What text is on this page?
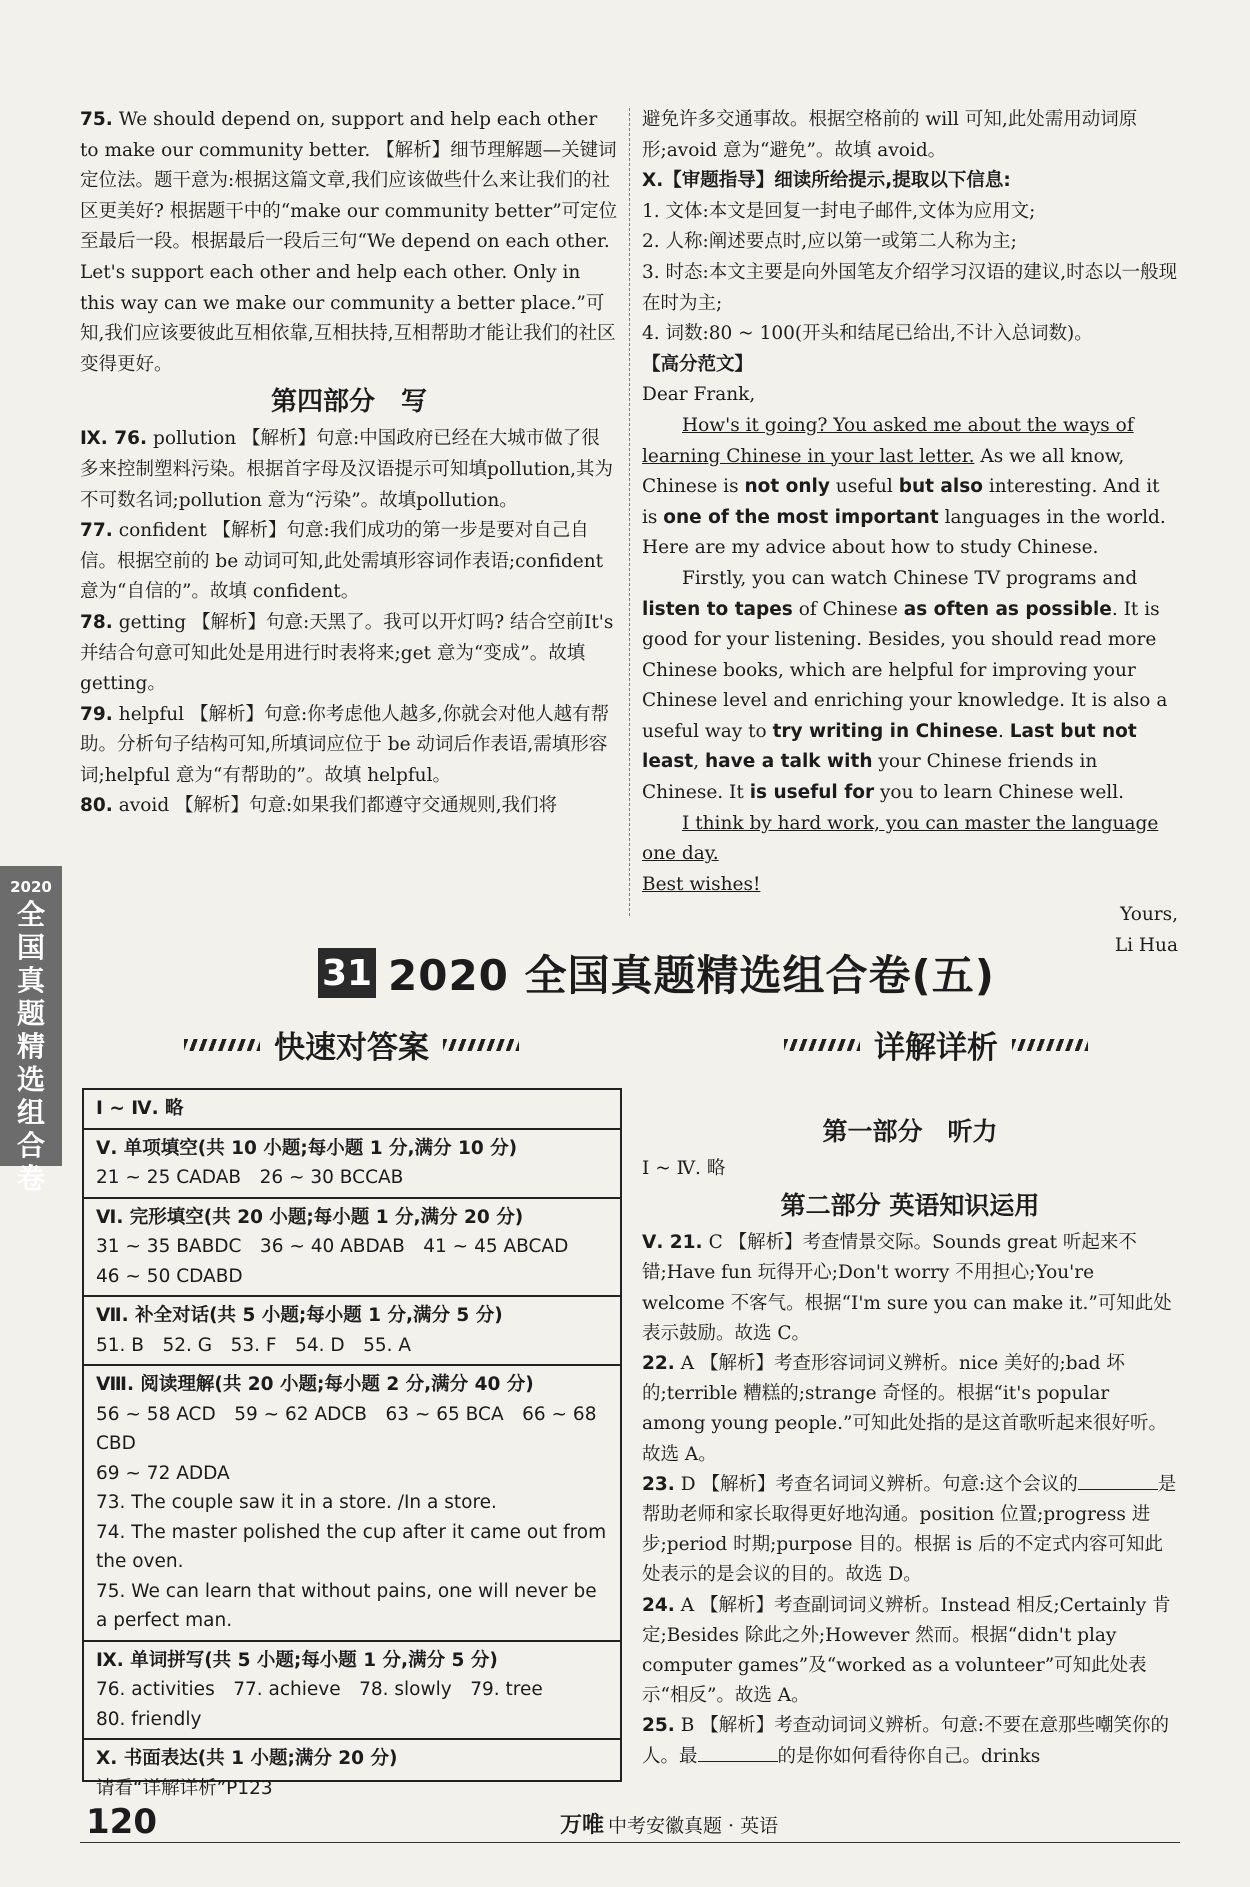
75. We should depend on, support and help each other to make our community better. 【解析】细节理解题—关键词定位法。题干意为:根据这篇文章,我们应该做些什么来让我们的社区更美好? 根据题干中的“make our community better”可定位至最后一段。根据最后一段后三句“We depend on each other. Let's support each other and help each other. Only in this way can we make our community a better place.”可知,我们应该要彼此互相依靠,互相扶持,互相帮助才能让我们的社区变得更好。

第四部分　写

Ⅸ. 76. pollution 【解析】句意:中国政府已经在大城市做了很多来控制塑料污染。根据首字母及汉语提示可知填pollution,其为不可数名词;pollution 意为“污染”。故填pollution。

77. confident 【解析】句意:我们成功的第一步是要对自己自信。根据空前的 be 动词可知,此处需填形容词作表语;confident 意为“自信的”。故填 confident。

78. getting 【解析】句意:天黑了。我可以开灯吗? 结合空前It's并结合句意可知此处是用进行时表将来;get 意为“变成”。故填 getting。

79. helpful 【解析】句意:你考虑他人越多,你就会对他人越有帮助。分析句子结构可知,所填词应位于 be 动词后作表语,需填形容词;helpful 意为“有帮助的”。故填 helpful。

80. avoid 【解析】句意:如果我们都遵守交通规则,我们将

避免许多交通事故。根据空格前的 will 可知,此处需用动词原形;avoid 意为“避免”。故填 avoid。

X.【审题指导】细读所给提示,提取以下信息:

1. 文体:本文是回复一封电子邮件,文体为应用文;

2. 人称:阐述要点时,应以第一或第二人称为主;

3. 时态:本文主要是向外国笔友介绍学习汉语的建议,时态以一般现在时为主;

4. 词数:80 ~ 100(开头和结尾已给出,不计入总词数)。

【高分范文】

Dear Frank,

How's it going? You asked me about the ways of learning Chinese in your last letter. As we all know, Chinese is not only useful but also interesting. And it is one of the most important languages in the world. Here are my advice about how to study Chinese.

Firstly, you can watch Chinese TV programs and listen to tapes of Chinese as often as possible. It is good for your listening. Besides, you should read more Chinese books, which are helpful for improving your Chinese level and enriching your knowledge. It is also a useful way to try writing in Chinese. Last but not least, have a talk with your Chinese friends in Chinese. It is useful for you to learn Chinese well.

I think by hard work, you can master the language one day.

Best wishes!

Yours,

Li Hua

2020
全国真题精选组合卷
31 2020 全国真题精选组合卷(五)
快速对答案	详解详析
Ⅰ ~ Ⅳ. 略
Ⅴ. 单项填空(共 10 小题;每小题 1 分,满分 10 分)
21 ~ 25 CADAB　26 ~ 30 BCCAB
Ⅵ. 完形填空(共 20 小题;每小题 1 分,满分 20 分)
31 ~ 35 BABDC　36 ~ 40 ABDAB　41 ~ 45 ABCAD
46 ~ 50 CDABD
Ⅶ. 补全对话(共 5 小题;每小题 1 分,满分 5 分)
51. B　52. G　53. F　54. D　55. A
Ⅷ. 阅读理解(共 20 小题;每小题 2 分,满分 40 分)
56 ~ 58 ACD　59 ~ 62 ADCB　63 ~ 65 BCA　66 ~ 68 CBD
69 ~ 72 ADDA
73. The couple saw it in a store. /In a store.
74. The master polished the cup after it came out from the oven.
75. We can learn that without pains, one will never be a perfect man.
Ⅸ. 单词拼写(共 5 小题;每小题 1 分,满分 5 分)
76. activities　77. achieve　78. slowly　79. tree
80. friendly
Ⅹ. 书面表达(共 1 小题;满分 20 分)
请看“详解详析”P123
第一部分　听力

Ⅰ ~ Ⅳ. 略

第二部分 英语知识运用

Ⅴ. 21. C 【解析】考查情景交际。Sounds great 听起来不错;Have fun 玩得开心;Don't worry 不用担心;You're welcome 不客气。根据“I'm sure you can make it.”可知此处表示鼓励。故选 C。

22. A 【解析】考查形容词词义辨析。nice 美好的;bad 坏的;terrible 糟糕的;strange 奇怪的。根据“it's popular among young people.”可知此处指的是这首歌听起来很好听。故选 A。

23. D 【解析】考查名词词义辨析。句意:这个会议的	是帮助老师和家长取得更好地沟通。position 位置;progress 进步;period 时期;purpose 目的。根据 is 后的不定式内容可知此处表示的是会议的目的。故选 D。

24. A 【解析】考查副词词义辨析。Instead 相反;Certainly 肯定;Besides 除此之外;However 然而。根据“didn't play computer games”及“worked as a volunteer”可知此处表示“相反”。故选 A。

25. B 【解析】考查动词词义辨析。句意:不要在意那些嘲笑你的人。最	的是你如何看待你自己。drinks

120	万唯 中考安徽真题 · 英语
